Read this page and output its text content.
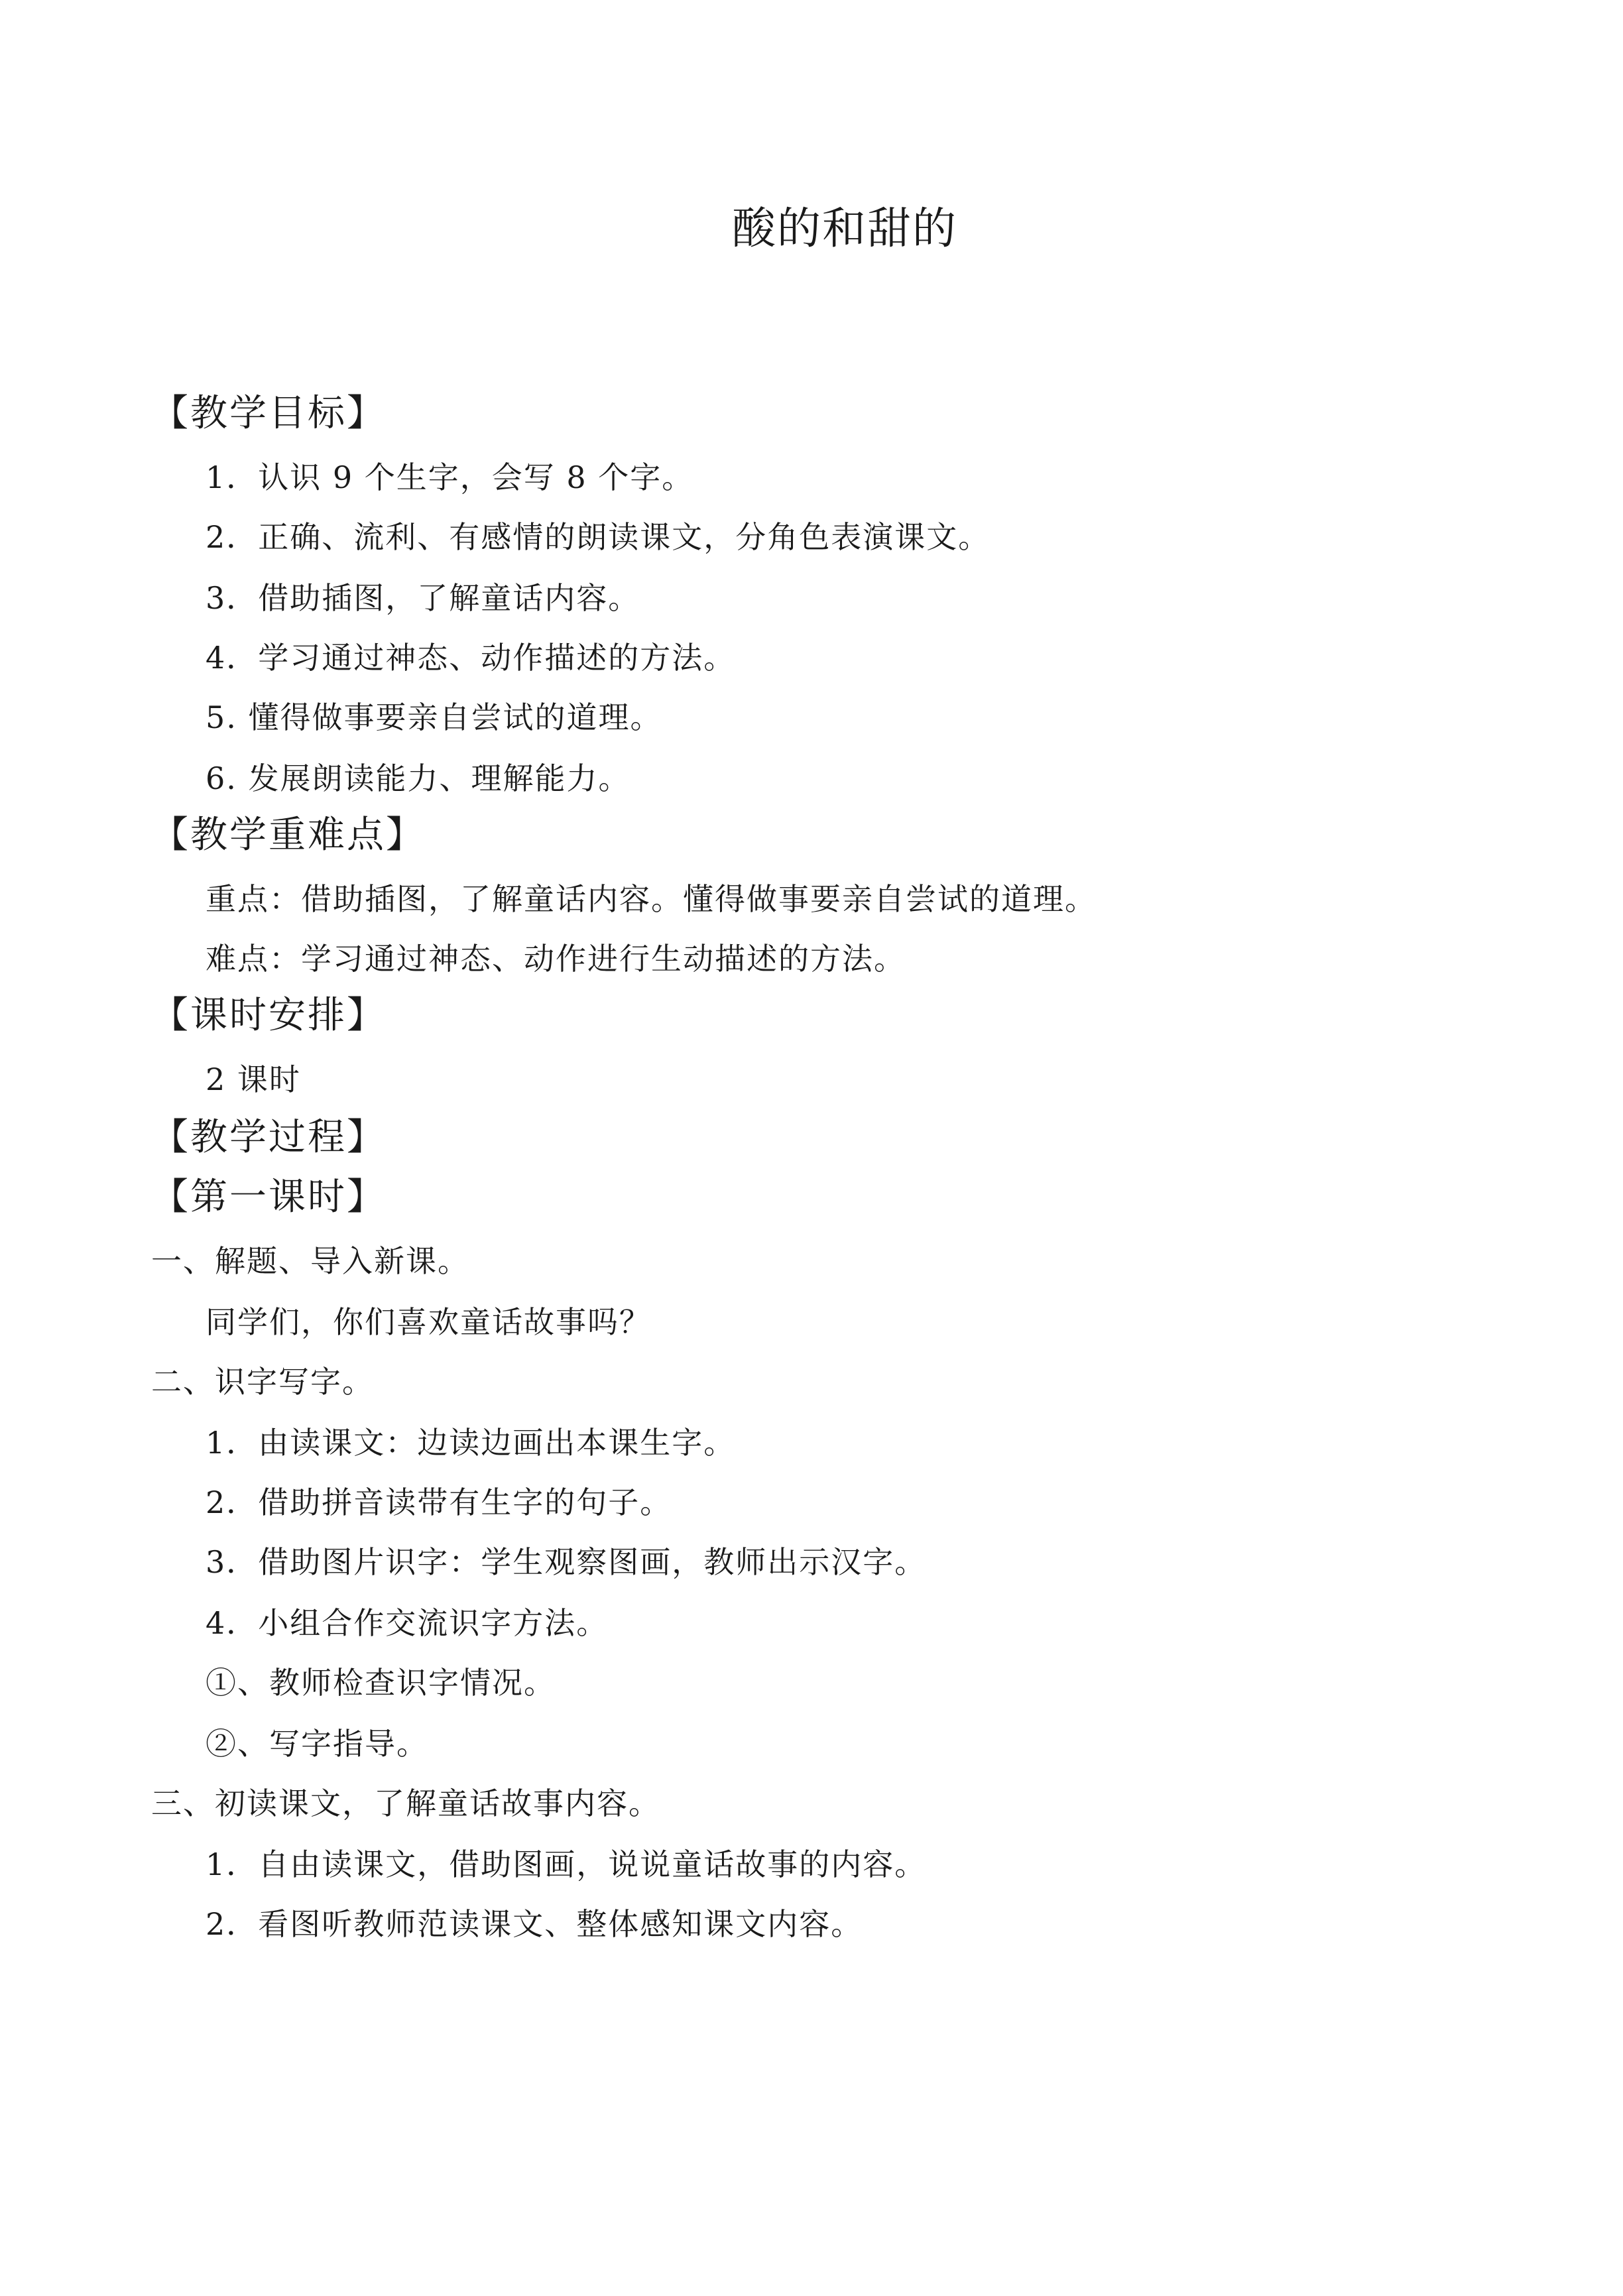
酸的和甜的
【教学目标】
1．认识 9 个生字，会写 8 个字。
2．正确、流利、有感情的朗读课文，分角色表演课文。
3．借助插图，了解童话内容。
4．学习通过神态、动作描述的方法。
5. 懂得做事要亲自尝试的道理。
6. 发展朗读能力、理解能力。
【教学重难点】
重点：借助插图，了解童话内容。懂得做事要亲自尝试的道理。
难点：学习通过神态、动作进行生动描述的方法。
【课时安排】
2 课时
【教学过程】
【第一课时】
一、解题、导入新课。
同学们，你们喜欢童话故事吗？
二、识字写字。
1．由读课文：边读边画出本课生字。
2．借助拼音读带有生字的句子。
3．借助图片识字：学生观察图画，教师出示汉字。
4．小组合作交流识字方法。
①、教师检查识字情况。
②、写字指导。
三、初读课文，了解童话故事内容。
1．自由读课文，借助图画，说说童话故事的内容。
2．看图听教师范读课文、整体感知课文内容。
